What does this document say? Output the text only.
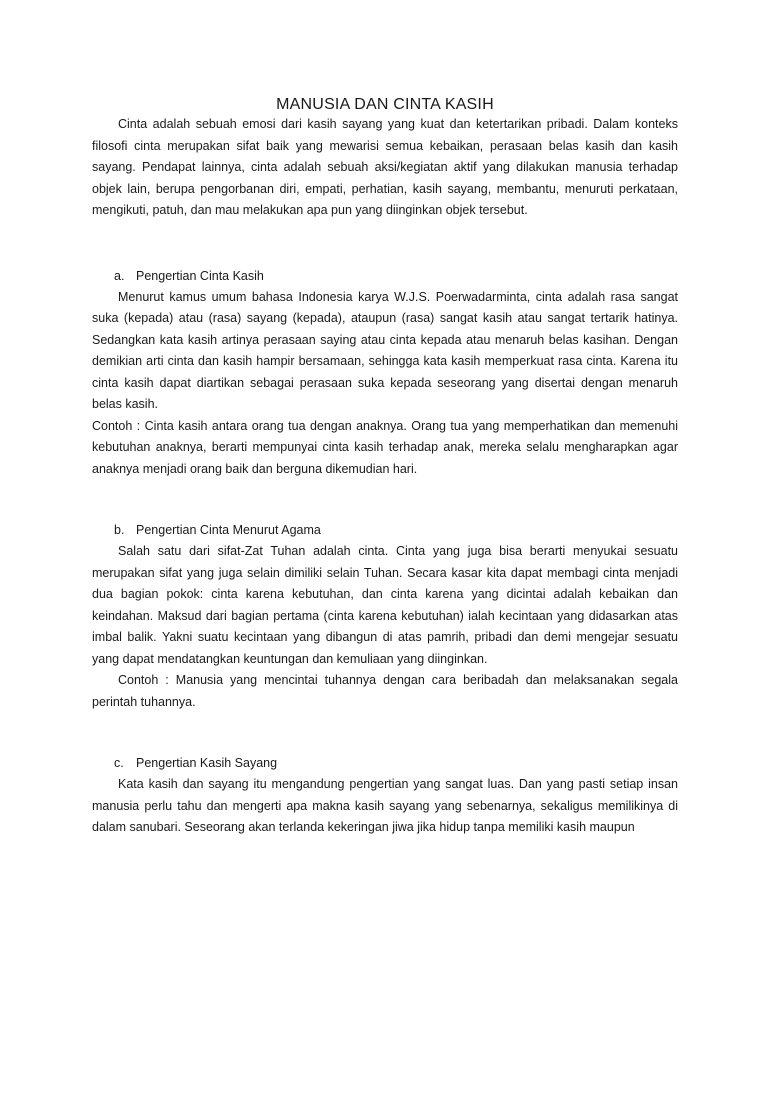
MANUSIA DAN CINTA KASIH

Cinta adalah sebuah emosi dari kasih sayang yang kuat dan ketertarikan pribadi. Dalam konteks filosofi cinta merupakan sifat baik yang mewarisi semua kebaikan, perasaan belas kasih dan kasih sayang. Pendapat lainnya, cinta adalah sebuah aksi/kegiatan aktif yang dilakukan manusia terhadap objek lain, berupa pengorbanan diri, empati, perhatian, kasih sayang, membantu, menuruti perkataan, mengikuti, patuh, dan mau melakukan apa pun yang diinginkan objek tersebut.

a. Pengertian Cinta Kasih

Menurut kamus umum bahasa Indonesia karya W.J.S. Poerwadarminta, cinta adalah rasa sangat suka (kepada) atau (rasa) sayang (kepada), ataupun (rasa) sangat kasih atau sangat tertarik hatinya. Sedangkan kata kasih artinya perasaan saying atau cinta kepada atau menaruh belas kasihan. Dengan demikian arti cinta dan kasih hampir bersamaan, sehingga kata kasih memperkuat rasa cinta. Karena itu cinta kasih dapat diartikan sebagai perasaan suka kepada seseorang yang disertai dengan menaruh belas kasih.

Contoh : Cinta kasih antara orang tua dengan anaknya. Orang tua yang memperhatikan dan memenuhi kebutuhan anaknya, berarti mempunyai cinta kasih terhadap anak, mereka selalu mengharapkan agar anaknya menjadi orang baik dan berguna dikemudian hari.

b. Pengertian Cinta Menurut Agama

Salah satu dari sifat-Zat Tuhan adalah cinta. Cinta yang juga bisa berarti menyukai sesuatu merupakan sifat yang juga selain dimiliki selain Tuhan. Secara kasar kita dapat membagi cinta menjadi dua bagian pokok: cinta karena kebutuhan, dan cinta karena yang dicintai adalah kebaikan dan keindahan. Maksud dari bagian pertama (cinta karena kebutuhan) ialah kecintaan yang didasarkan atas imbal balik. Yakni suatu kecintaan yang dibangun di atas pamrih, pribadi dan demi mengejar sesuatu yang dapat mendatangkan keuntungan dan kemuliaan yang diinginkan.

Contoh : Manusia yang mencintai tuhannya dengan cara beribadah dan melaksanakan segala perintah tuhannya.

c. Pengertian Kasih Sayang

Kata kasih dan sayang itu mengandung pengertian yang sangat luas. Dan yang pasti setiap insan manusia perlu tahu dan mengerti apa makna kasih sayang yang sebenarnya, sekaligus memilikinya di dalam sanubari. Seseorang akan terlanda kekeringan jiwa jika hidup tanpa memiliki kasih maupun
